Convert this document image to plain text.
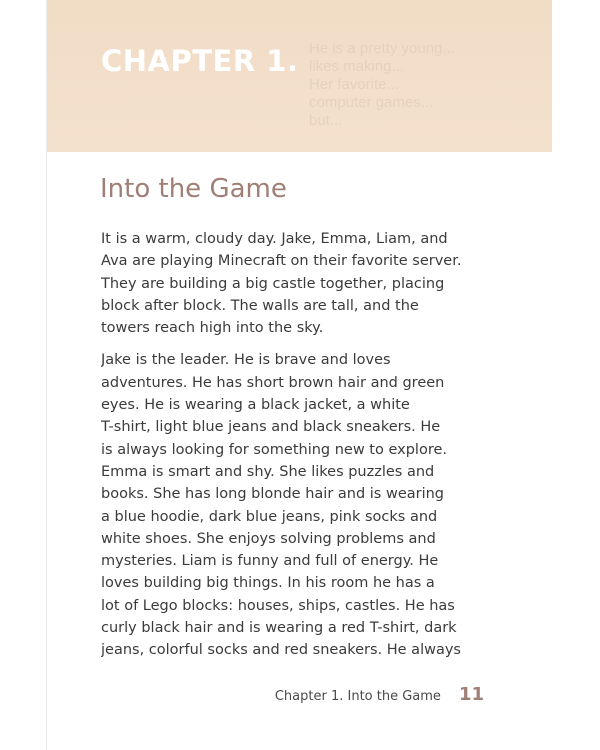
He is a pretty young...
likes making...
Her favorite...
computer games...
but...
CHAPTER 1.
Into the Game

It is a warm, cloudy day. Jake, Emma, Liam, and
Ava are playing Minecraft on their favorite server.
They are building a big castle together, placing
block after block. The walls are tall, and the
towers reach high into the sky.

Jake is the leader. He is brave and loves
adventures. He has short brown hair and green
eyes. He is wearing a black jacket, a white
T-shirt, light blue jeans and black sneakers. He
is always looking for something new to explore.
Emma is smart and shy. She likes puzzles and
books. She has long blonde hair and is wearing
a blue hoodie, dark blue jeans, pink socks and
white shoes. She enjoys solving problems and
mysteries. Liam is funny and full of energy. He
loves building big things. In his room he has a
lot of Lego blocks: houses, ships, castles. He has
curly black hair and is wearing a red T-shirt, dark
jeans, colorful socks and red sneakers. He always

Chapter 1. Into the Game 11
